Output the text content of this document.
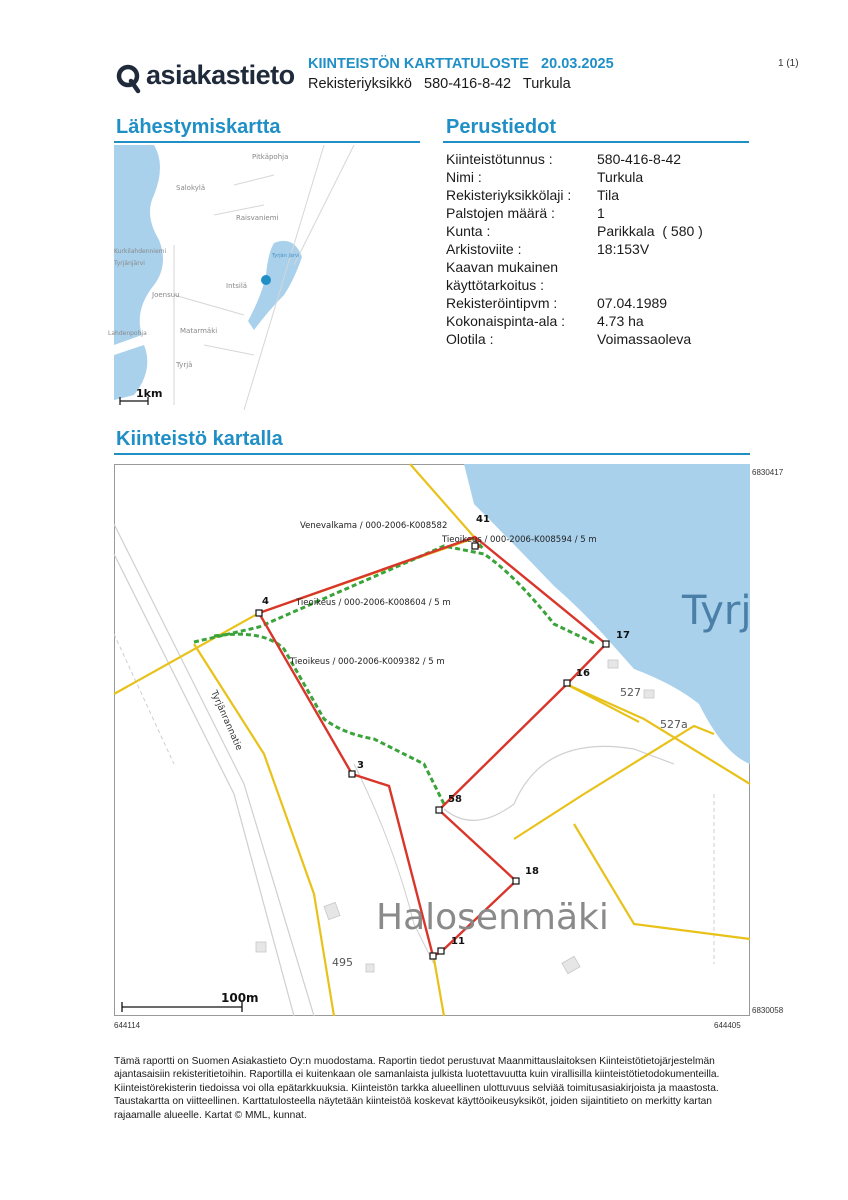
asiakastieto KIINTEISTÖN KARTTATULOSTE   20.03.2025
Rekisteriyksikkö   580-416-8-42   Turkula
1 (1)
Lähestymiskartta	Perustiedot
Pitkäpohja
Salokylä
Raisvaniemi
Kurkilahdenniemi
Tyrjänjärvi
Lahdenpohja
Intsilä
Joensuu
Matarmäki
Tyrjä
Tyrjän järvi
1km
Kiinteistötunnus :	580-416-8-42
Nimi :	Turkula
Rekisteriyksikkölaji : Tila
Palstojen määrä :	1
Kunta :	Parikkala  ( 580 )
Arkistoviite :	18:153V
Kaavan mukainen
käyttötarkoitus :
Rekisteröintipvm :	07.04.1989
Kokonaispinta-ala : 4.73 ha
Olotila :	Voimassaoleva
Kiinteistö kartalla
6830417
6830058
644114	644405
Tyrj
Halosenmäki
Tyrjänrannatie	527
527a
495
Venevalkama / 000-2006-K008582
Tieoikeus / 000-2006-K008594 / 5 m
Tieoikeus / 000-2006-K008604 / 5 m
Tieoikeus / 000-2006-K009382 / 5 m
41
4
17
16
3
58
18
11
100m
Tämä raportti on Suomen Asiakastieto Oy:n muodostama. Raportin tiedot perustuvat Maanmittauslaitoksen Kiinteistötietojärjestelmän ajantasaisiin rekisteritietoihin. Raportilla ei kuitenkaan ole samanlaista julkista luotettavuutta kuin virallisilla kiinteistötietodokumenteilla. Kiinteistörekisterin tiedoissa voi olla epätarkkuuksia. Kiinteistön tarkka alueellinen ulottuvuus selviää toimitusasiakirjoista ja maastosta. Taustakartta on viitteellinen. Karttatulosteella näytetään kiinteistöä koskevat käyttöoikeusyksiköt, joiden sijaintitieto on merkitty kartan rajaamalle alueelle. Kartat © MML, kunnat.
